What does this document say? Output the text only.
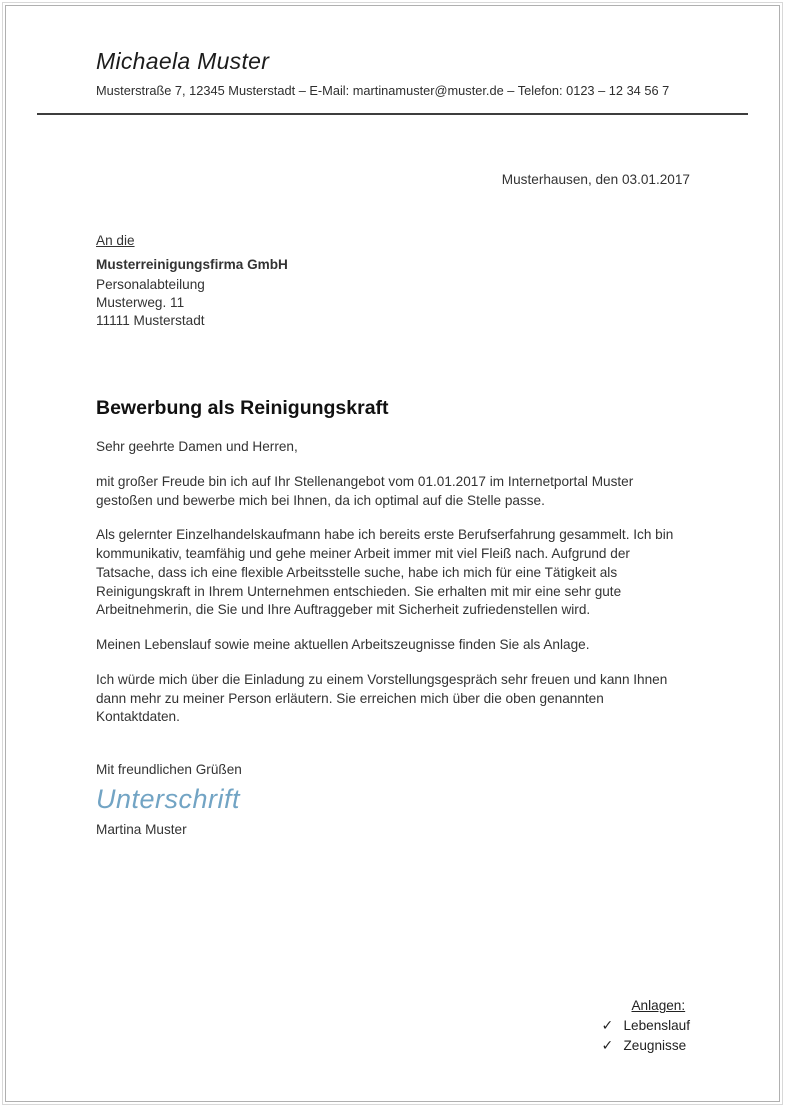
Michaela Muster
Musterstraße 7, 12345 Musterstadt – E-Mail: martinamuster@muster.de – Telefon: 0123 – 12 34 56 7
Musterhausen, den 03.01.2017
An die
Musterreinigungsfirma GmbH
Personalabteilung
Musterweg. 11
11111 Musterstadt
Bewerbung als Reinigungskraft

Sehr geehrte Damen und Herren,

mit großer Freude bin ich auf Ihr Stellenangebot vom 01.01.2017 im Internetportal Muster gestoßen und bewerbe mich bei Ihnen, da ich optimal auf die Stelle passe.

Als gelernter Einzelhandelskaufmann habe ich bereits erste Berufserfahrung gesammelt. Ich bin kommunikativ, teamfähig und gehe meiner Arbeit immer mit viel Fleiß nach. Aufgrund der Tatsache, dass ich eine flexible Arbeitsstelle suche, habe ich mich für eine Tätigkeit als Reinigungskraft in Ihrem Unternehmen entschieden. Sie erhalten mit mir eine sehr gute Arbeitnehmerin, die Sie und Ihre Auftraggeber mit Sicherheit zufriedenstellen wird.

Meinen Lebenslauf sowie meine aktuellen Arbeitszeugnisse finden Sie als Anlage.

Ich würde mich über die Einladung zu einem Vorstellungsgespräch sehr freuen und kann Ihnen dann mehr zu meiner Person erläutern. Sie erreichen mich über die oben genannten Kontaktdaten.

Mit freundlichen Grüßen

Unterschrift
Martina Muster
Anlagen:
✓ Lebenslauf
✓ Zeugnisse
